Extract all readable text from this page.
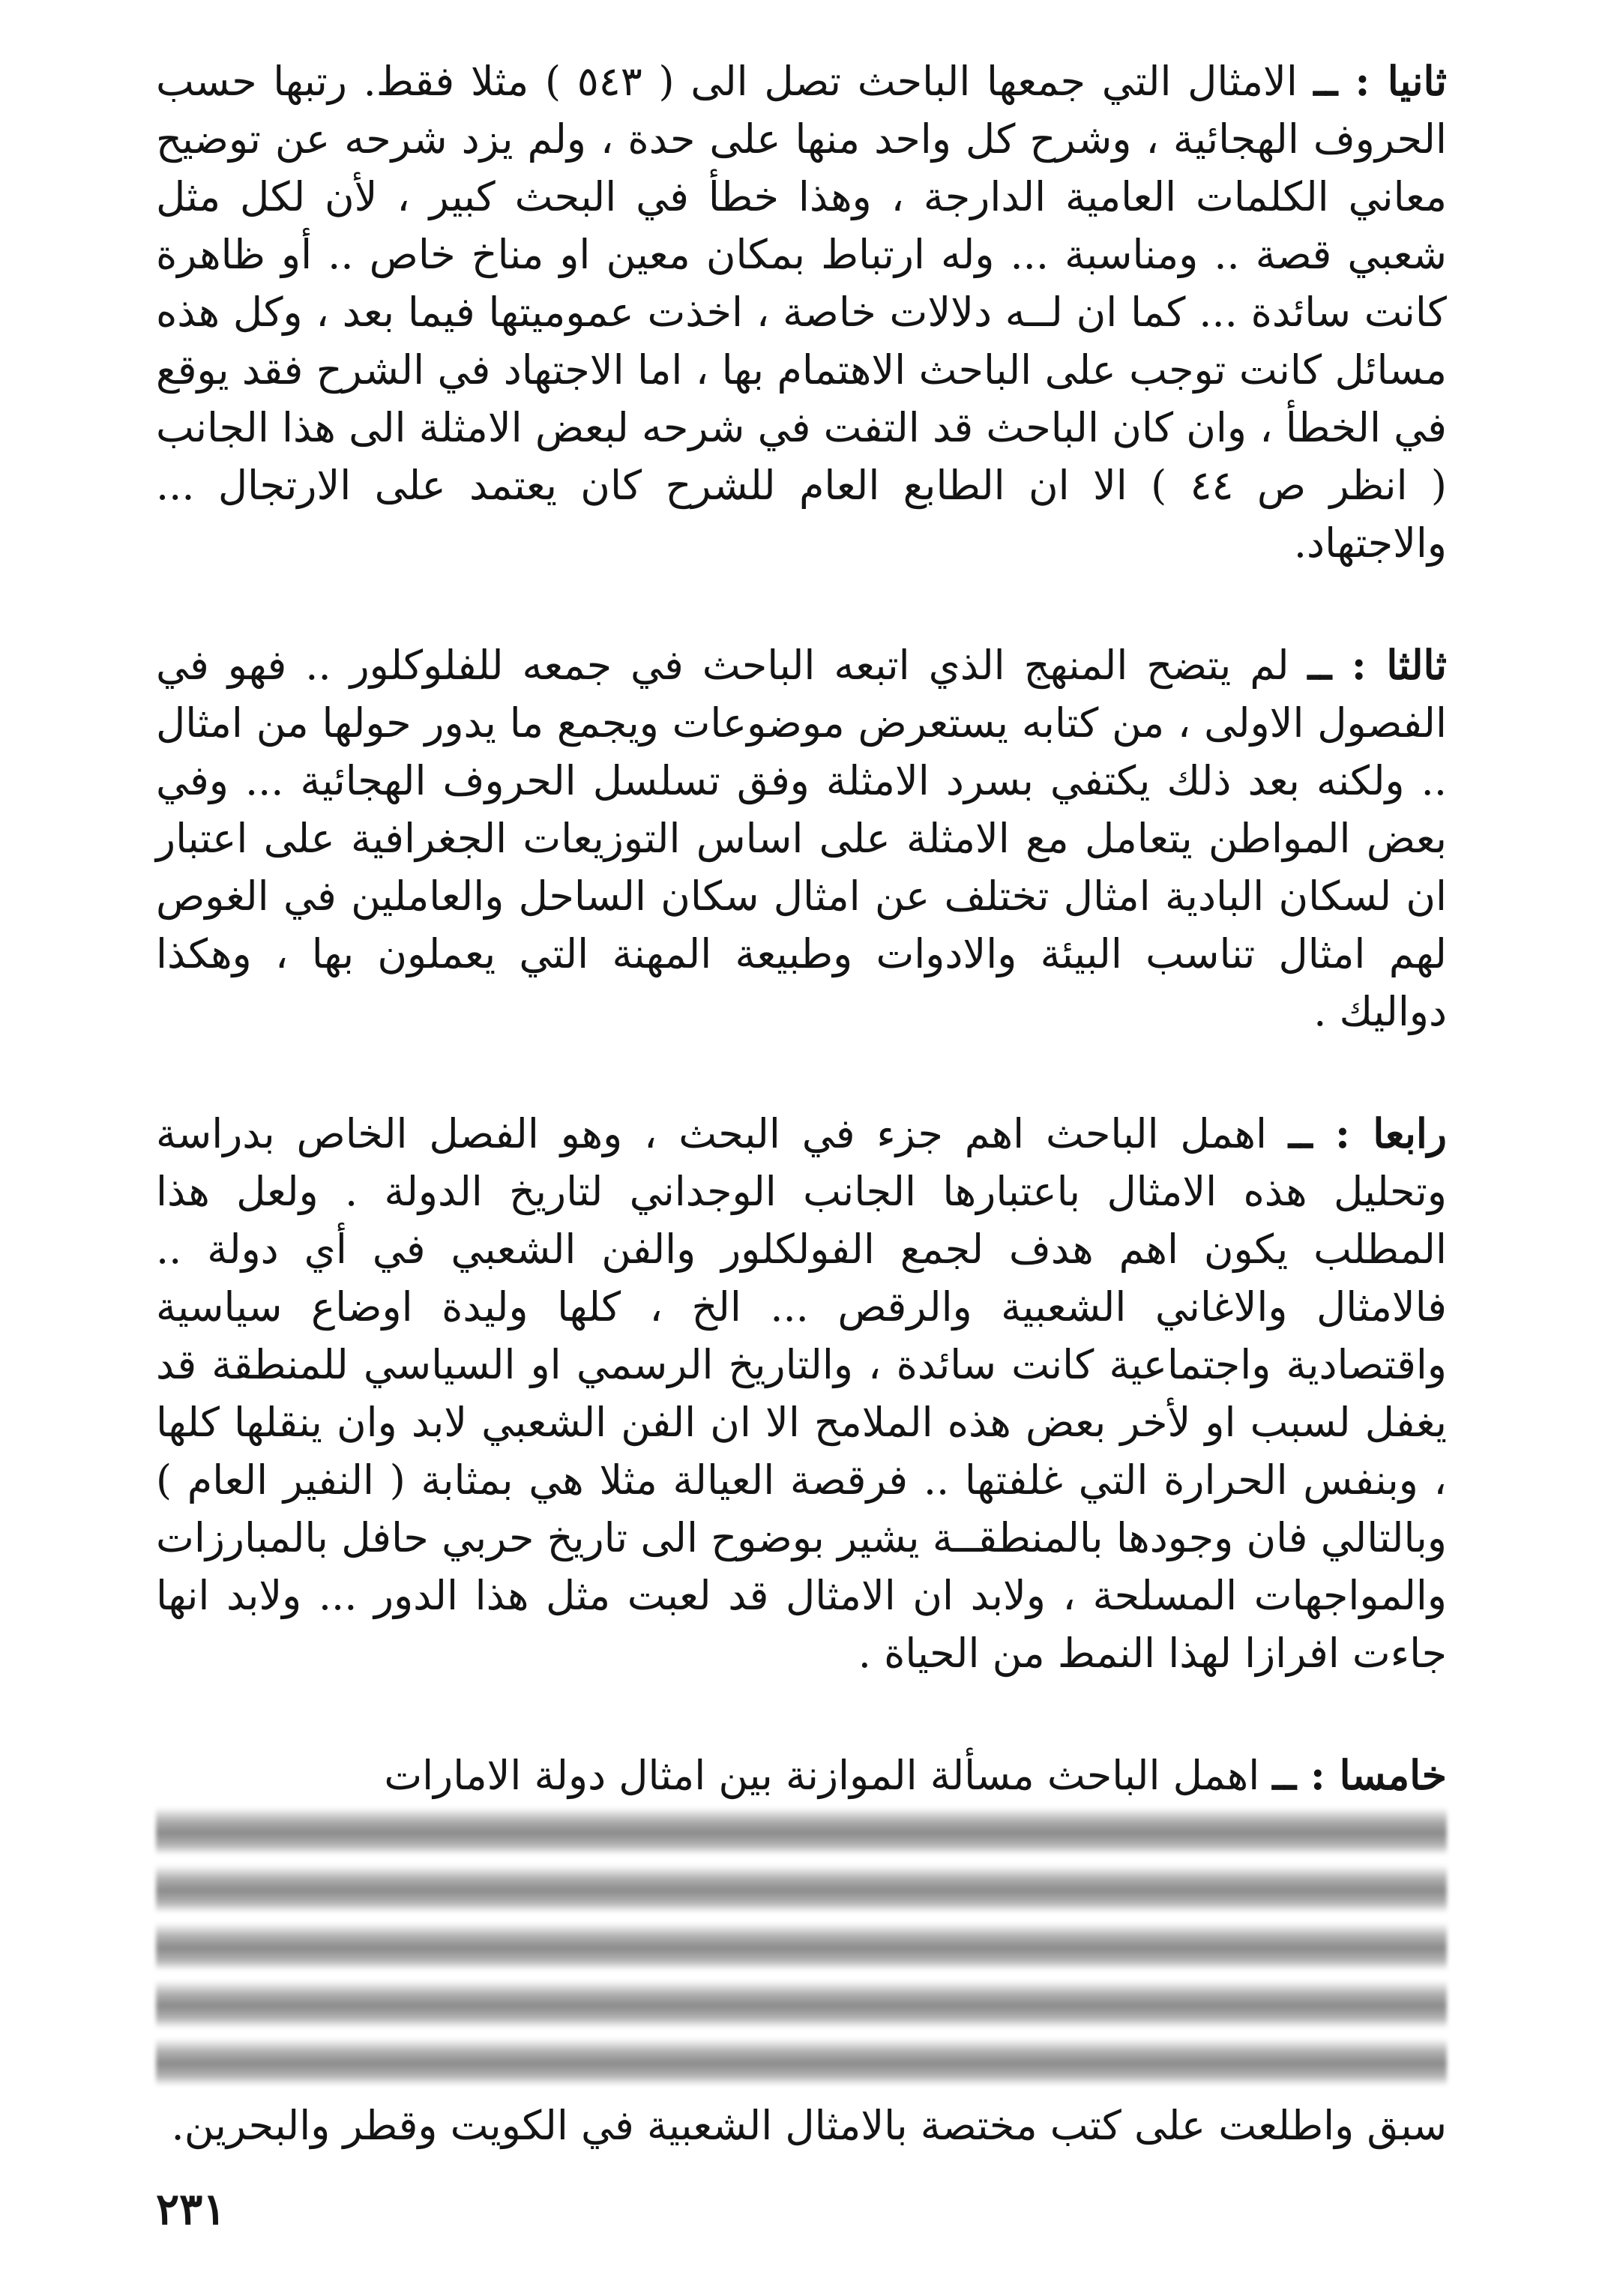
ثانيا : ــ الامثال التي جمعها الباحث تصل الى ( ٥٤٣ ) مثلا فقط. رتبها حسب الحروف الهجائية ، وشرح كل واحد منها على حدة ، ولم يزد شرحه عن توضيح معاني الكلمات العامية الدارجة ، وهذا خطأ في البحث كبير ، لأن لكل مثل شعبي قصة .. ومناسبة ... وله ارتباط بمكان معين او مناخ خاص .. أو ظاهرة كانت سائدة ... كما ان لــه دلالات خاصة ، اخذت عموميتها فيما بعد ، وكل هذه مسائل كانت توجب على الباحث الاهتمام بها ، اما الاجتهاد في الشرح فقد يوقع في الخطأ ، وان كان الباحث قد التفت في شرحه لبعض الامثلة الى هذا الجانب ( انظر ص ٤٤ ) الا ان الطابع العام للشرح كان يعتمد على الارتجال ... والاجتهاد.

ثالثا : ــ لم يتضح المنهج الذي اتبعه الباحث في جمعه للفلوكلور .. فهو في الفصول الاولى ، من كتابه يستعرض موضوعات ويجمع ما يدور حولها من امثال .. ولكنه بعد ذلك يكتفي بسرد الامثلة وفق تسلسل الحروف الهجائية ... وفي بعض المواطن يتعامل مع الامثلة على اساس التوزيعات الجغرافية على اعتبار ان لسكان البادية امثال تختلف عن امثال سكان الساحل والعاملين في الغوص لهم امثال تناسب البيئة والادوات وطبيعة المهنة التي يعملون بها ، وهكذا دواليك .

رابعا : ــ اهمل الباحث اهم جزء في البحث ، وهو الفصل الخاص بدراسة وتحليل هذه الامثال باعتبارها الجانب الوجداني لتاريخ الدولة . ولعل هذا المطلب يكون اهم هدف لجمع الفولكلور والفن الشعبي في أي دولة .. فالامثال والاغاني الشعبية والرقص ... الخ ، كلها وليدة اوضاع سياسية واقتصادية واجتماعية كانت سائدة ، والتاريخ الرسمي او السياسي للمنطقة قد يغفل لسبب او لأخر بعض هذه الملامح الا ان الفن الشعبي لابد وان ينقلها كلها ، وبنفس الحرارة التي غلفتها .. فرقصة العيالة مثلا هي بمثابة ( النفير العام ) وبالتالي فان وجودها بالمنطقــة يشير بوضوح الى تاريخ حربي حافل بالمبارزات والمواجهات المسلحة ، ولابد ان الامثال قد لعبت مثل هذا الدور ... ولابد انها جاءت افرازا لهذا النمط من الحياة .

خامسا : ــ اهمل الباحث مسألة الموازنة بين امثال دولة الامارات

سبق واطلعت على كتب مختصة بالامثال الشعبية في الكويت وقطر والبحرين.

٢٣١
